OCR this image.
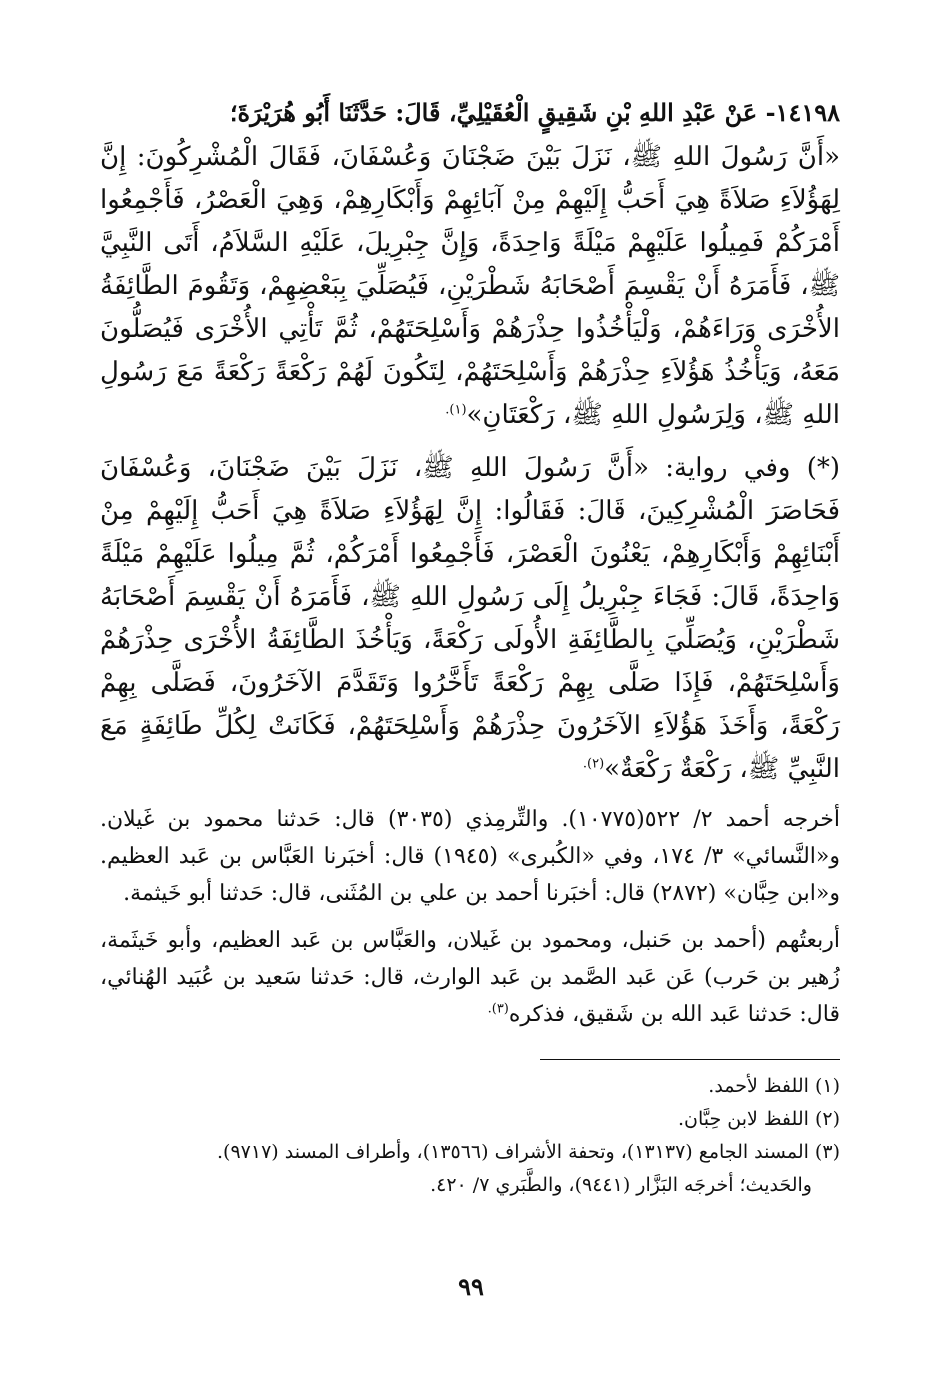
١٤١٩٨- عَنْ عَبْدِ اللهِ بْنِ شَقِيقٍ الْعُقَيْلِيِّ، قَالَ: حَدَّثَنَا أَبُو هُرَيْرَةَ؛

«أَنَّ رَسُولَ اللهِ ﷺ، نَزَلَ بَيْنَ ضَجْنَانَ وَعُسْفَانَ، فَقَالَ الْمُشْرِكُونَ: إِنَّ لِهَؤُلاَءِ صَلاَةً هِيَ أَحَبُّ إِلَيْهِمْ مِنْ آبَائِهِمْ وَأَبْكَارِهِمْ، وَهِيَ الْعَصْرُ، فَأَجْمِعُوا أَمْرَكُمْ فَمِيلُوا عَلَيْهِمْ مَيْلَةً وَاحِدَةً، وَإِنَّ جِبْرِيلَ، عَلَيْهِ السَّلاَمُ، أَتَى النَّبِيَّ ﷺ، فَأَمَرَهُ أَنْ يَقْسِمَ أَصْحَابَهُ شَطْرَيْنِ، فَيُصَلِّيَ بِبَعْضِهِمْ، وَتَقُومَ الطَّائِفَةُ الأُخْرَى وَرَاءَهُمْ، وَلْيَأْخُذُوا حِذْرَهُمْ وَأَسْلِحَتَهُمْ، ثُمَّ تَأْتِي الأُخْرَى فَيُصَلُّونَ مَعَهُ، وَيَأْخُذُ هَؤُلاَءِ حِذْرَهُمْ وَأَسْلِحَتَهُمْ، لِتَكُونَ لَهُمْ رَكْعَةً رَكْعَةً مَعَ رَسُولِ اللهِ ﷺ، وَلِرَسُولِ اللهِ ﷺ، رَكْعَتَانِ»$^{(١).}$

(*) وفي رواية: «أَنَّ رَسُولَ اللهِ ﷺ، نَزَلَ بَيْنَ ضَجْنَانَ، وَعُسْفَانَ فَحَاصَرَ الْمُشْرِكِينَ، قَالَ: فَقَالُوا: إِنَّ لِهَؤُلاَءِ صَلاَةً هِيَ أَحَبُّ إِلَيْهِمْ مِنْ أَبْنَائِهِمْ وَأَبْكَارِهِمْ، يَعْنُونَ الْعَصْرَ، فَأَجْمِعُوا أَمْرَكُمْ، ثُمَّ مِيلُوا عَلَيْهِمْ مَيْلَةً وَاحِدَةً، قَالَ: فَجَاءَ جِبْرِيلُ إِلَى رَسُولِ اللهِ ﷺ، فَأَمَرَهُ أَنْ يَقْسِمَ أَصْحَابَهُ شَطْرَيْنِ، وَيُصَلِّيَ بِالطَّائِفَةِ الأُولَى رَكْعَةً، وَيَأْخُذَ الطَّائِفَةُ الأُخْرَى حِذْرَهُمْ وَأَسْلِحَتَهُمْ، فَإِذَا صَلَّى بِهِمْ رَكْعَةً تَأَخَّرُوا وَتَقَدَّمَ الآخَرُونَ، فَصَلَّى بِهِمْ رَكْعَةً، وَأَخَذَ هَؤُلاَءِ الآخَرُونَ حِذْرَهُمْ وَأَسْلِحَتَهُمْ، فَكَانَتْ لِكُلِّ طَائِفَةٍ مَعَ النَّبِيِّ ﷺ، رَكْعَةٌ رَكْعَةٌ»$^{(٢).}$

أخرجه أحمد ٢/ ٥٢٢(١٠٧٧٥). والتِّرمِذي (٣٠٣٥) قال: حَدثنا محمود بن غَيلان. و«النَّسائي» ٣/ ١٧٤، وفي «الكُبرى» (١٩٤٥) قال: أخبَرنا العَبَّاس بن عَبد العظيم. و«ابن حِبَّان» (٢٨٧٢) قال: أخبَرنا أحمد بن علي بن المُثَنى، قال: حَدثنا أبو خَيثمة.

أربعتُهم (أحمد بن حَنبل، ومحمود بن غَيلان، والعَبَّاس بن عَبد العظيم، وأبو خَيثَمة، زُهير بن حَرب) عَن عَبد الصَّمد بن عَبد الوارث، قال: حَدثنا سَعيد بن عُبَيد الهُنائي، قال: حَدثنا عَبد الله بن شَقيق، فذكره$^{(٣).}$

(١) اللفظ لأحمد.

(٢) اللفظ لابن حِبَّان.

(٣) المسند الجامع (١٣١٣٧)، وتحفة الأشراف (١٣٥٦٦)، وأطراف المسند (٩٧١٧).

والحَديث؛ أخرجَه البَزَّار (٩٤٤١)، والطَّبَري ٧/ ٤٢٠.

٩٩
